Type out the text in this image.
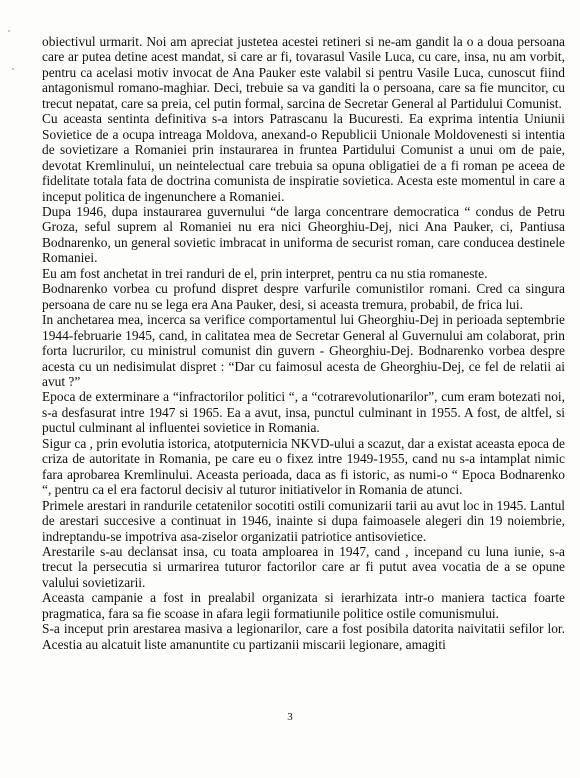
obiectivul urmarit. Noi am apreciat justetea acestei retineri si ne-am gandit la o a doua persoana care ar putea detine acest mandat, si care ar fi, tovarasul Vasile Luca, cu care, insa, nu am vorbit, pentru ca acelasi motiv invocat de Ana Pauker este valabil si pentru Vasile Luca, cunoscut fiind antagonismul romano-maghiar. Deci, trebuie sa va ganditi la o persoana, care sa fie muncitor, cu trecut nepatat, care sa preia, cel putin formal, sarcina de Secretar General al Partidului Comunist.

Cu aceasta sentinta definitiva s-a intors Patrascanu la Bucuresti. Ea exprima intentia Uniunii Sovietice de a ocupa intreaga Moldova, anexand-o Republicii Unionale Moldovenesti si intentia de sovietizare a Romaniei prin instaurarea in fruntea Partidului Comunist a unui om de paie, devotat Kremlinului, un neintelectual care trebuia sa opuna obligatiei de a fi roman pe aceea de fidelitate totala fata de doctrina comunista de inspiratie sovietica. Acesta este momentul in care a inceput politica de ingenunchere a Romaniei.

Dupa 1946, dupa instaurarea guvernului “de larga concentrare democratica “ condus de Petru Groza, seful suprem al Romaniei nu era nici Gheorghiu-Dej, nici Ana Pauker, ci, Pantiusa Bodnarenko, un general sovietic imbracat in uniforma de securist roman, care conducea destinele Romaniei.

Eu am fost anchetat in trei randuri de el, prin interpret, pentru ca nu stia romaneste.

Bodnarenko vorbea cu profund dispret despre varfurile comunistilor romani. Cred ca singura persoana de care nu se lega era Ana Pauker, desi, si aceasta tremura, probabil, de frica lui.

In anchetarea mea, incerca sa verifice comportamentul lui Gheorghiu-Dej in perioada septembrie 1944-februarie 1945, cand, in calitatea mea de Secretar General al Guvernului am colaborat, prin forta lucrurilor, cu ministrul comunist din guvern - Gheorghiu-Dej. Bodnarenko vorbea despre acesta cu un nedisimulat dispret : “Dar cu faimosul acesta de Gheorghiu-Dej, ce fel de relatii ai avut ?”

Epoca de exterminare a “infractorilor politici “, a “cotrarevolutionarilor”, cum eram botezati noi, s-a desfasurat intre 1947 si 1965. Ea a avut, insa, punctul culminant in 1955. A fost, de altfel, si puctul culminant al influentei sovietice in Romania.

Sigur ca , prin evolutia istorica, atotputernicia NKVD-ului a scazut, dar a existat aceasta epoca de criza de autoritate in Romania, pe care eu o fixez intre 1949-1955, cand nu s-a intamplat nimic fara aprobarea Kremlinului. Aceasta perioada, daca as fi istoric, as numi-o “ Epoca Bodnarenko “, pentru ca el era factorul decisiv al tuturor initiativelor in Romania de atunci.

Primele arestari in randurile cetatenilor socotiti ostili comunizarii tarii au avut loc in 1945. Lantul de arestari succesive a continuat in 1946, inainte si dupa faimoasele alegeri din 19 noiembrie, indreptandu-se impotriva asa-ziselor organizatii patriotice antisovietice.

Arestarile s-au declansat insa, cu toata amploarea in 1947, cand , incepand cu luna iunie, s-a trecut la persecutia si urmarirea tuturor factorilor care ar fi putut avea vocatia de a se opune valului sovietizarii.

Aceasta campanie a fost in prealabil organizata si ierarhizata intr-o maniera tactica foarte pragmatica, fara sa fie scoase in afara legii formatiunile politice ostile comunismului.

S-a inceput prin arestarea masiva a legionarilor, care a fost posibila datorita naivitatii sefilor lor. Acestia au alcatuit liste amanuntite cu partizanii miscarii legionare, amagiti

3
